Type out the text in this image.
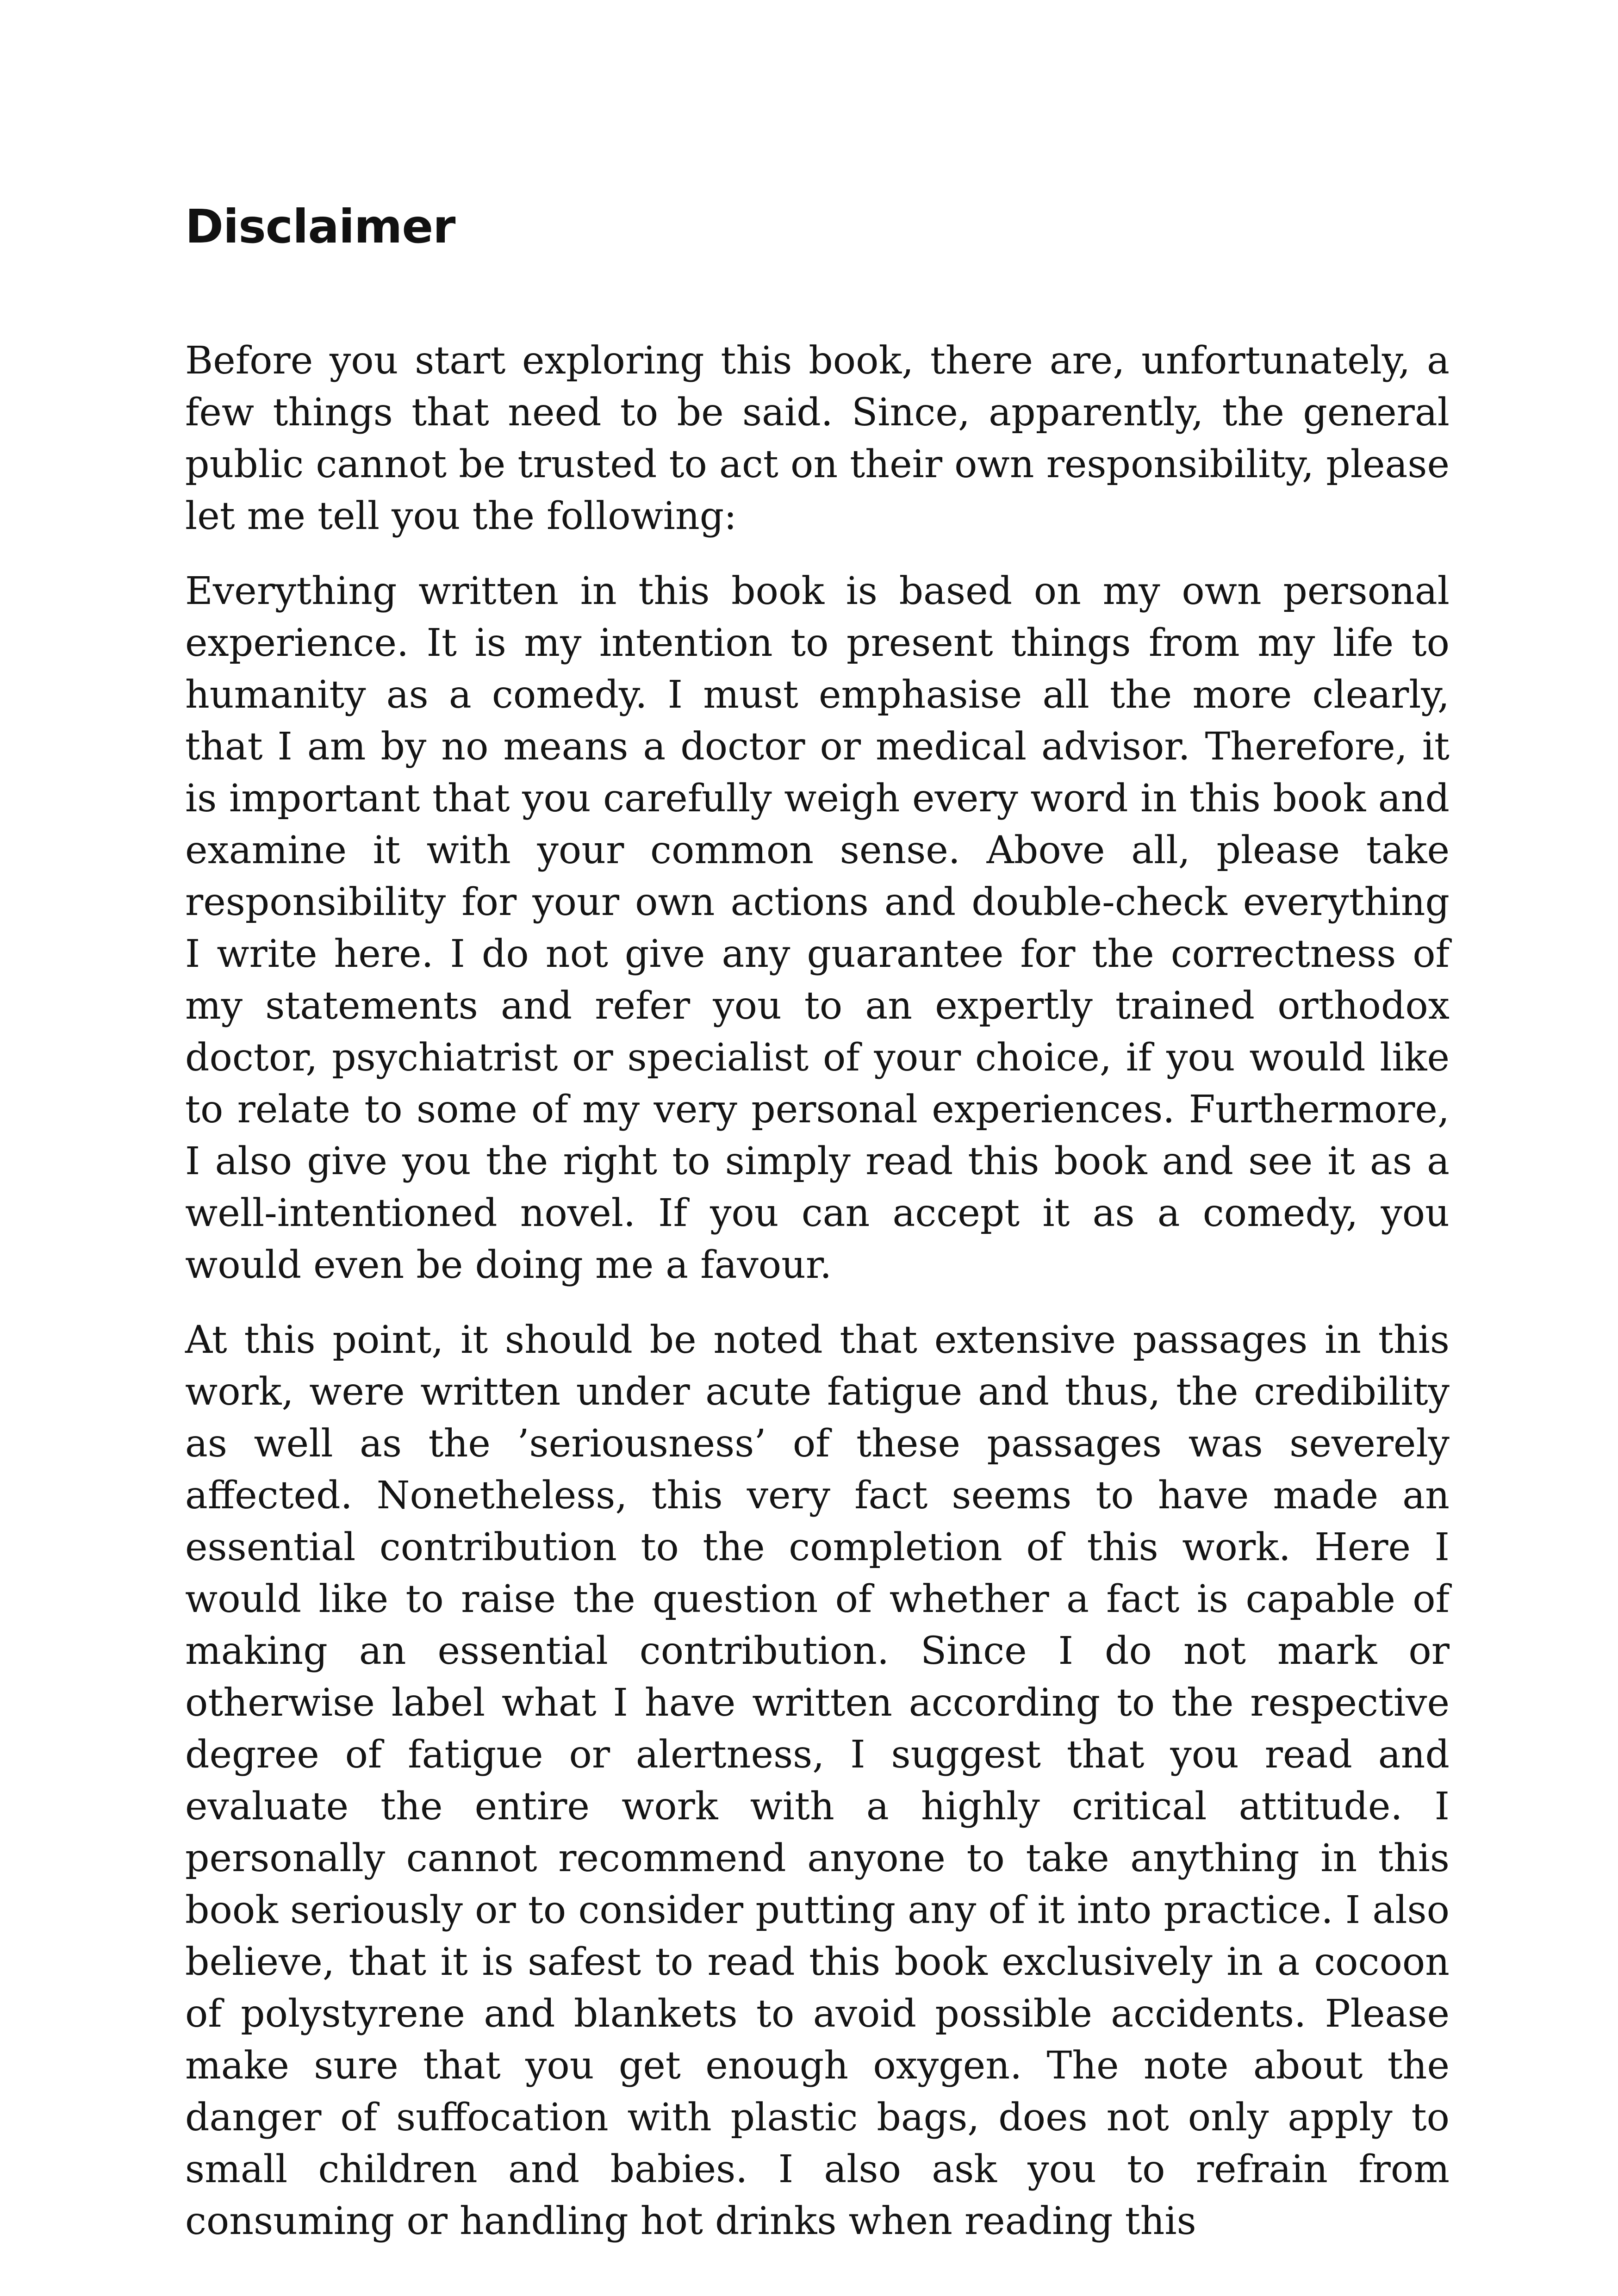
Disclaimer

Before you start exploring this book, there are, unfortunately, a few things that need to be said. Since, apparently, the general public cannot be trusted to act on their own responsibility, please let me tell you the following:

Everything written in this book is based on my own personal experience. It is my intention to present things from my life to humanity as a comedy. I must emphasise all the more clearly, that I am by no means a doctor or medical advisor. Therefore, it is important that you carefully weigh every word in this book and examine it with your common sense. Above all, please take responsibility for your own actions and double-check everything I write here. I do not give any guarantee for the correctness of my statements and refer you to an expertly trained orthodox doctor, psychiatrist or specialist of your choice, if you would like to relate to some of my very personal experiences. Furthermore, I also give you the right to simply read this book and see it as a well-intentioned novel. If you can accept it as a comedy, you would even be doing me a favour.

At this point, it should be noted that extensive passages in this work, were written under acute fatigue and thus, the credibility as well as the ’seriousness’ of these passages was severely affected. Nonetheless, this very fact seems to have made an essential contribution to the completion of this work. Here I would like to raise the question of whether a fact is capable of making an essential contribution. Since I do not mark or otherwise label what I have written according to the respective degree of fatigue or alertness, I suggest that you read and evaluate the entire work with a highly critical attitude. I personally cannot recommend anyone to take anything in this book seriously or to consider putting any of it into practice. I also believe, that it is safest to read this book exclusively in a cocoon of polystyrene and blankets to avoid possible accidents. Please make sure that you get enough oxygen. The note about the danger of suffocation with plastic bags, does not only apply to small children and babies. I also ask you to refrain from consuming or handling hot drinks when reading this
